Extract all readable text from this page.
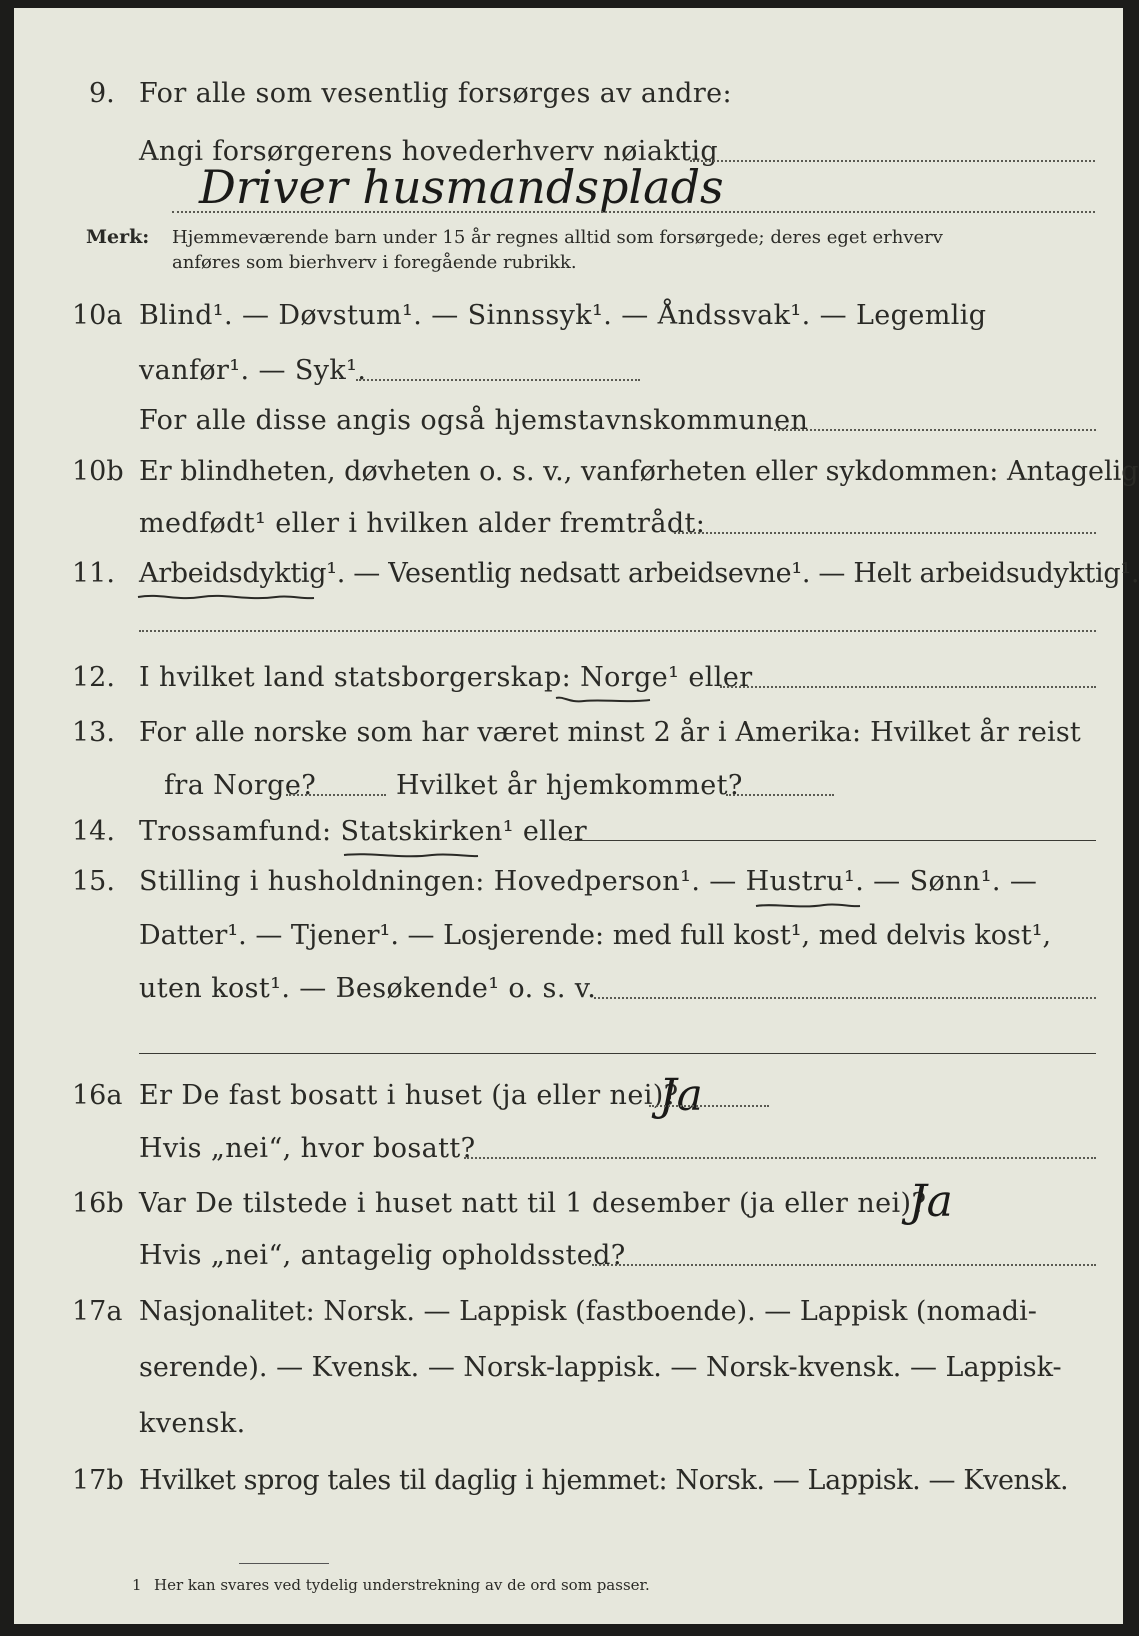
9. For alle som vesentlig forsørges av andre:
Angi forsørgerens hovederhverv nøiaktig
Driver husmandsplads
Merk: Hjemmeværende barn under 15 år regnes alltid som forsørgede; deres eget erhverv
anføres som bierhverv i foregående rubrikk.
10a Blind¹. — Døvstum¹. — Sinnssyk¹. — Åndssvak¹. — Legemlig
vanfør¹. — Syk¹.
For alle disse angis også hjemstavnskommunen
10b Er blindheten, døvheten o. s. v., vanførheten eller sykdommen: Antagelig
medfødt¹ eller i hvilken alder fremtrådt:
11. Arbeidsdyktig¹. — Vesentlig nedsatt arbeidsevne¹. — Helt arbeidsudyktig¹.
12. I hvilket land statsborgerskap: Norge¹ eller
13. For alle norske som har været minst 2 år i Amerika: Hvilket år reist
fra Norge?	Hvilket år hjemkommet?
14. Trossamfund: Statskirken¹ eller
15. Stilling i husholdningen: Hovedperson¹. — Hustru¹. — Sønn¹. —
Datter¹. — Tjener¹. — Losjerende: med full kost¹, med delvis kost¹,
uten kost¹. — Besøkende¹ o. s. v.
16a Er De fast bosatt i huset (ja eller nei)?
Ja
Hvis „nei“, hvor bosatt?
16b Var De tilstede i huset natt til 1 desember (ja eller nei)?
Ja
Hvis „nei“, antagelig opholdssted?
17a Nasjonalitet: Norsk. — Lappisk (fastboende). — Lappisk (nomadi-
serende). — Kvensk. — Norsk-lappisk. — Norsk-kvensk. — Lappisk-
kvensk.
17b Hvilket sprog tales til daglig i hjemmet: Norsk. — Lappisk. — Kvensk.
1 Her kan svares ved tydelig understrekning av de ord som passer.
